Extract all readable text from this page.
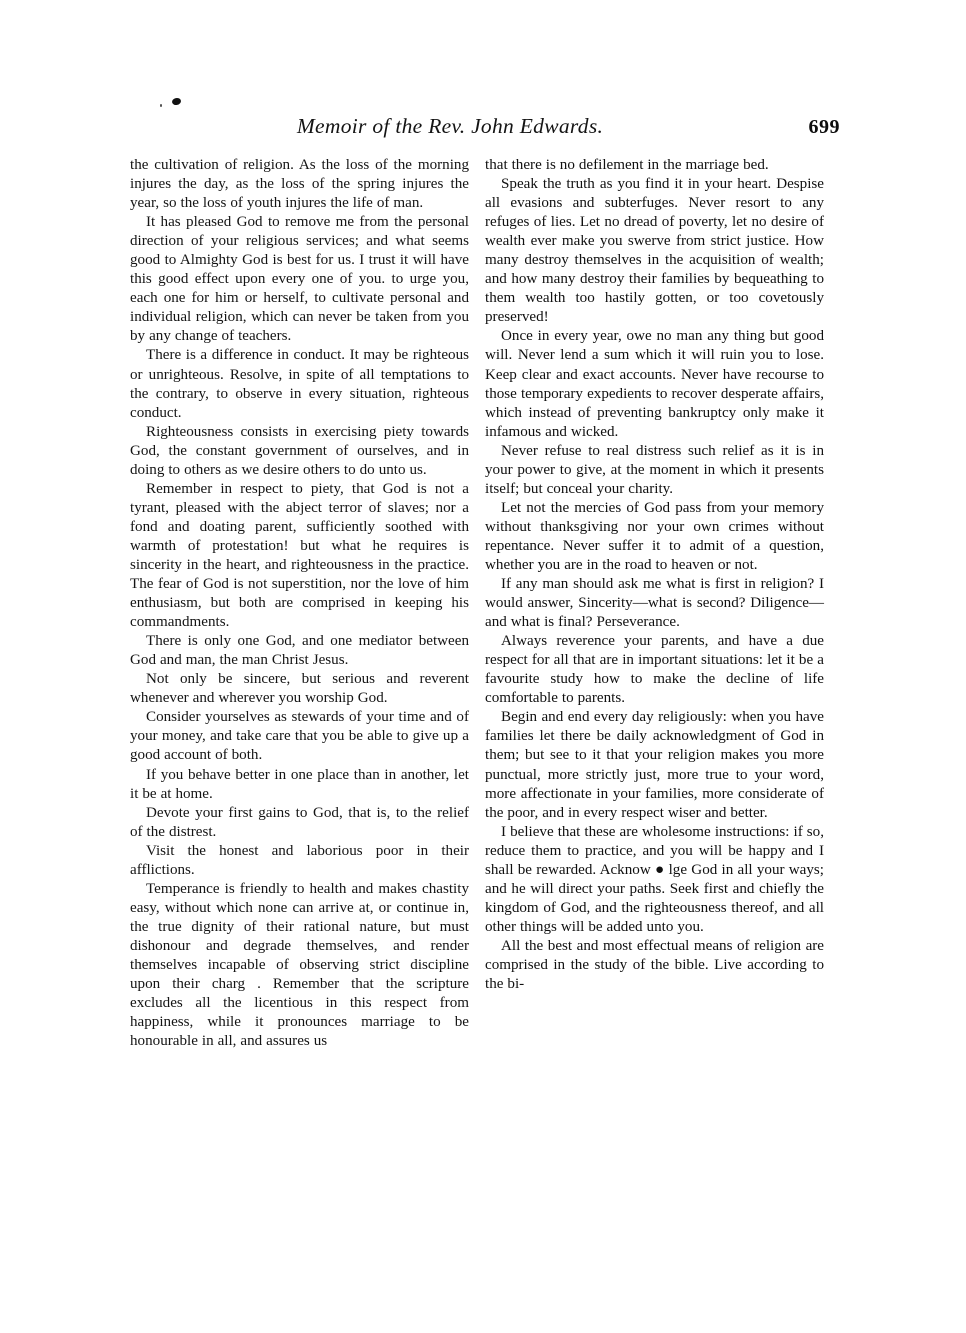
Memoir of the Rev. John Edwards.	699

the cultivation of religion. As the loss of the morning injures the day, as the loss of the spring injures the year, so the loss of youth injures the life of man.

It has pleased God to remove me from the personal direction of your religious services; and what seems good to Almighty God is best for us. I trust it will have this good effect upon every one of you. to urge you, each one for him or herself, to cultivate personal and individual religion, which can never be taken from you by any change of teachers.

There is a difference in conduct. It may be righteous or unrighteous. Resolve, in spite of all temptations to the contrary, to observe in every situation, righteous conduct.

Righteousness consists in exercising piety towards God, the constant government of ourselves, and in doing to others as we desire others to do unto us.

Remember in respect to piety, that God is not a tyrant, pleased with the abject terror of slaves; nor a fond and doating parent, sufficiently soothed with warmth of protestation! but what he requires is sincerity in the heart, and righteousness in the practice. The fear of God is not superstition, nor the love of him enthusiasm, but both are comprised in keeping his commandments.

There is only one God, and one mediator between God and man, the man Christ Jesus.

Not only be sincere, but serious and reverent whenever and wherever you worship God.

Consider yourselves as stewards of your time and of your money, and take care that you be able to give up a good account of both.

If you behave better in one place than in another, let it be at home.

Devote your first gains to God, that is, to the relief of the distrest.

Visit the honest and laborious poor in their afflictions.

Temperance is friendly to health and makes chastity easy, without which none can arrive at, or continue in, the true dignity of their rational nature, but must dishonour and degrade themselves, and render themselves incapable of observing strict discipline upon their charg . Remember that the scripture excludes all the licentious in this respect from happiness, while it pronounces marriage to be honourable in all, and assures us

that there is no defilement in the marriage bed.

Speak the truth as you find it in your heart. Despise all evasions and subterfuges. Never resort to any refuges of lies. Let no dread of poverty, let no desire of wealth ever make you swerve from strict justice. How many destroy themselves in the acquisition of wealth; and how many destroy their families by bequeathing to them wealth too hastily gotten, or too covetously preserved!

Once in every year, owe no man any thing but good will. Never lend a sum which it will ruin you to lose. Keep clear and exact accounts. Never have recourse to those temporary expedients to recover desperate affairs, which instead of preventing bankruptcy only make it infamous and wicked.

Never refuse to real distress such relief as it is in your power to give, at the moment in which it presents itself; but conceal your charity.

Let not the mercies of God pass from your memory without thanksgiving nor your own crimes without repentance. Never suffer it to admit of a question, whether you are in the road to heaven or not.

If any man should ask me what is first in religion? I would answer, Sincerity—what is second? Diligence—and what is final? Perseverance.

Always reverence your parents, and have a due respect for all that are in important situations: let it be a favourite study how to make the decline of life comfortable to parents.

Begin and end every day religiously: when you have families let there be daily acknowledgment of God in them; but see to it that your religion makes you more punctual, more strictly just, more true to your word, more affectionate in your families, more considerate of the poor, and in every respect wiser and better.

I believe that these are wholesome instructions: if so, reduce them to practice, and you will be happy and I shall be rewarded. Acknow ● lge God in all your ways; and he will direct your paths. Seek first and chiefly the kingdom of God, and the righteousness thereof, and all other things will be added unto you.

All the best and most effectual means of religion are comprised in the study of the bible. Live according to the bi-
